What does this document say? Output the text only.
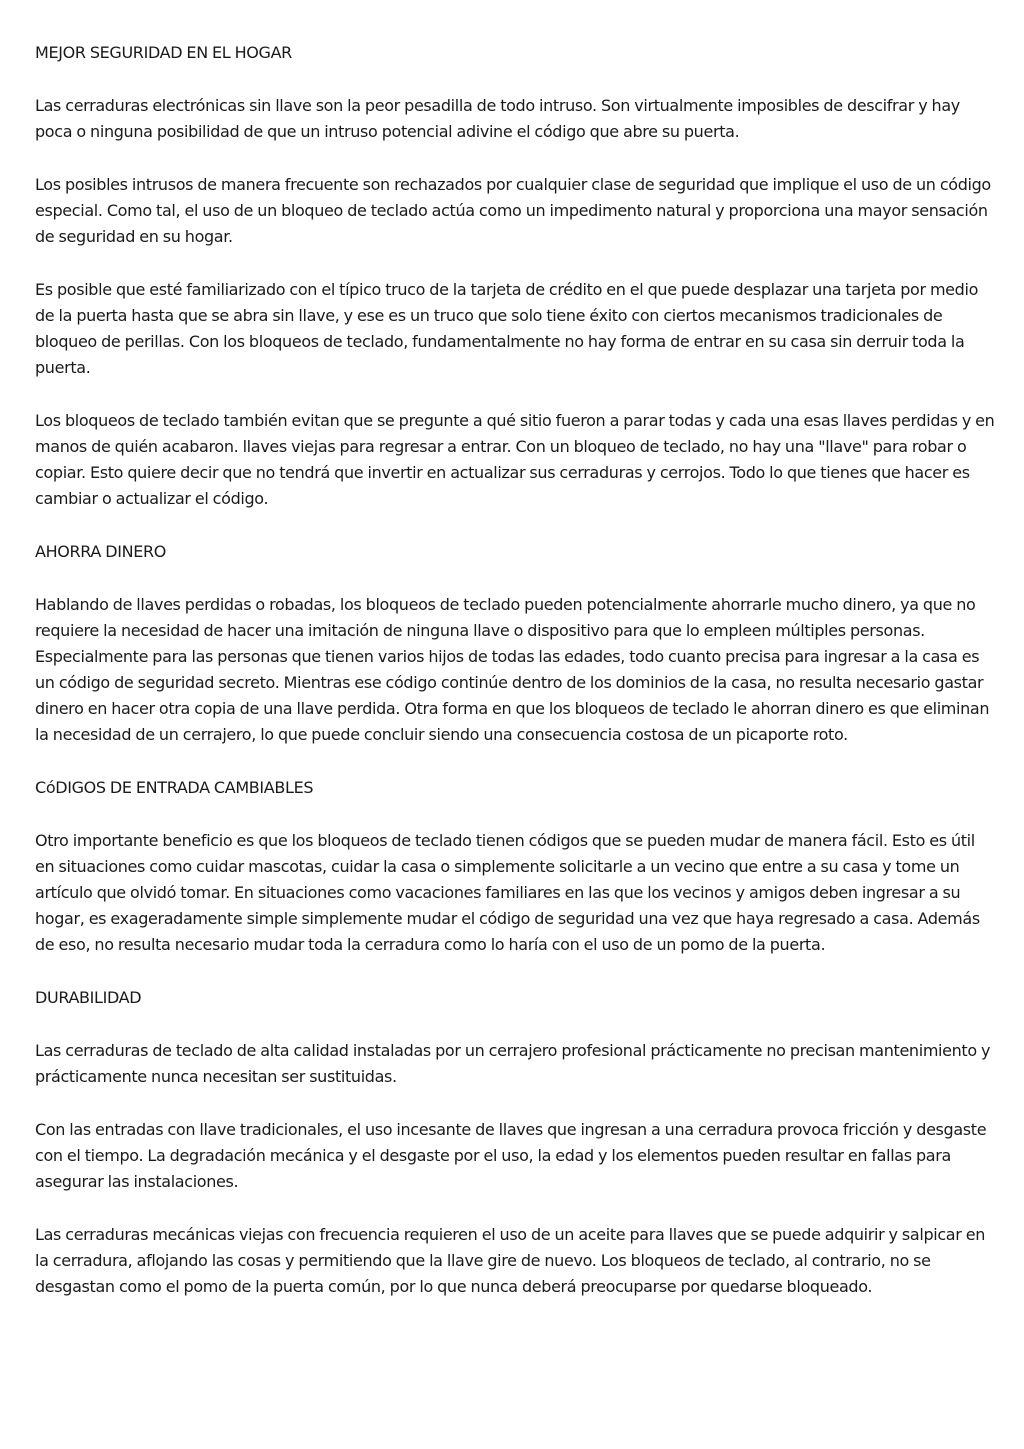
MEJOR SEGURIDAD EN EL HOGAR

Las cerraduras electrónicas sin llave son la peor pesadilla de todo intruso. Son virtualmente imposibles de descifrar y hay poca o ninguna posibilidad de que un intruso potencial adivine el código que abre su puerta.

Los posibles intrusos de manera frecuente son rechazados por cualquier clase de seguridad que implique el uso de un código especial. Como tal, el uso de un bloqueo de teclado actúa como un impedimento natural y proporciona una mayor sensación de seguridad en su hogar.

Es posible que esté familiarizado con el típico truco de la tarjeta de crédito en el que puede desplazar una tarjeta por medio de la puerta hasta que se abra sin llave, y ese es un truco que solo tiene éxito con ciertos mecanismos tradicionales de bloqueo de perillas. Con los bloqueos de teclado, fundamentalmente no hay forma de entrar en su casa sin derruir toda la puerta.

Los bloqueos de teclado también evitan que se pregunte a qué sitio fueron a parar todas y cada una esas llaves perdidas y en manos de quién acabaron. llaves viejas para regresar a entrar. Con un bloqueo de teclado, no hay una "llave" para robar o copiar. Esto quiere decir que no tendrá que invertir en actualizar sus cerraduras y cerrojos. Todo lo que tienes que hacer es cambiar o actualizar el código.

AHORRA DINERO

Hablando de llaves perdidas o robadas, los bloqueos de teclado pueden potencialmente ahorrarle mucho dinero, ya que no requiere la necesidad de hacer una imitación de ninguna llave o dispositivo para que lo empleen múltiples personas. Especialmente para las personas que tienen varios hijos de todas las edades, todo cuanto precisa para ingresar a la casa es un código de seguridad secreto. Mientras ese código continúe dentro de los dominios de la casa, no resulta necesario gastar dinero en hacer otra copia de una llave perdida. Otra forma en que los bloqueos de teclado le ahorran dinero es que eliminan la necesidad de un cerrajero, lo que puede concluir siendo una consecuencia costosa de un picaporte roto.

CóDIGOS DE ENTRADA CAMBIABLES

Otro importante beneficio es que los bloqueos de teclado tienen códigos que se pueden mudar de manera fácil. Esto es útil en situaciones como cuidar mascotas, cuidar la casa o simplemente solicitarle a un vecino que entre a su casa y tome un artículo que olvidó tomar. En situaciones como vacaciones familiares en las que los vecinos y amigos deben ingresar a su hogar, es exageradamente simple simplemente mudar el código de seguridad una vez que haya regresado a casa. Además de eso, no resulta necesario mudar toda la cerradura como lo haría con el uso de un pomo de la puerta.

DURABILIDAD

Las cerraduras de teclado de alta calidad instaladas por un cerrajero profesional prácticamente no precisan mantenimiento y prácticamente nunca necesitan ser sustituidas.

Con las entradas con llave tradicionales, el uso incesante de llaves que ingresan a una cerradura provoca fricción y desgaste con el tiempo. La degradación mecánica y el desgaste por el uso, la edad y los elementos pueden resultar en fallas para asegurar las instalaciones.

Las cerraduras mecánicas viejas con frecuencia requieren el uso de un aceite para llaves que se puede adquirir y salpicar en la cerradura, aflojando las cosas y permitiendo que la llave gire de nuevo. Los bloqueos de teclado, al contrario, no se desgastan como el pomo de la puerta común, por lo que nunca deberá preocuparse por quedarse bloqueado.
